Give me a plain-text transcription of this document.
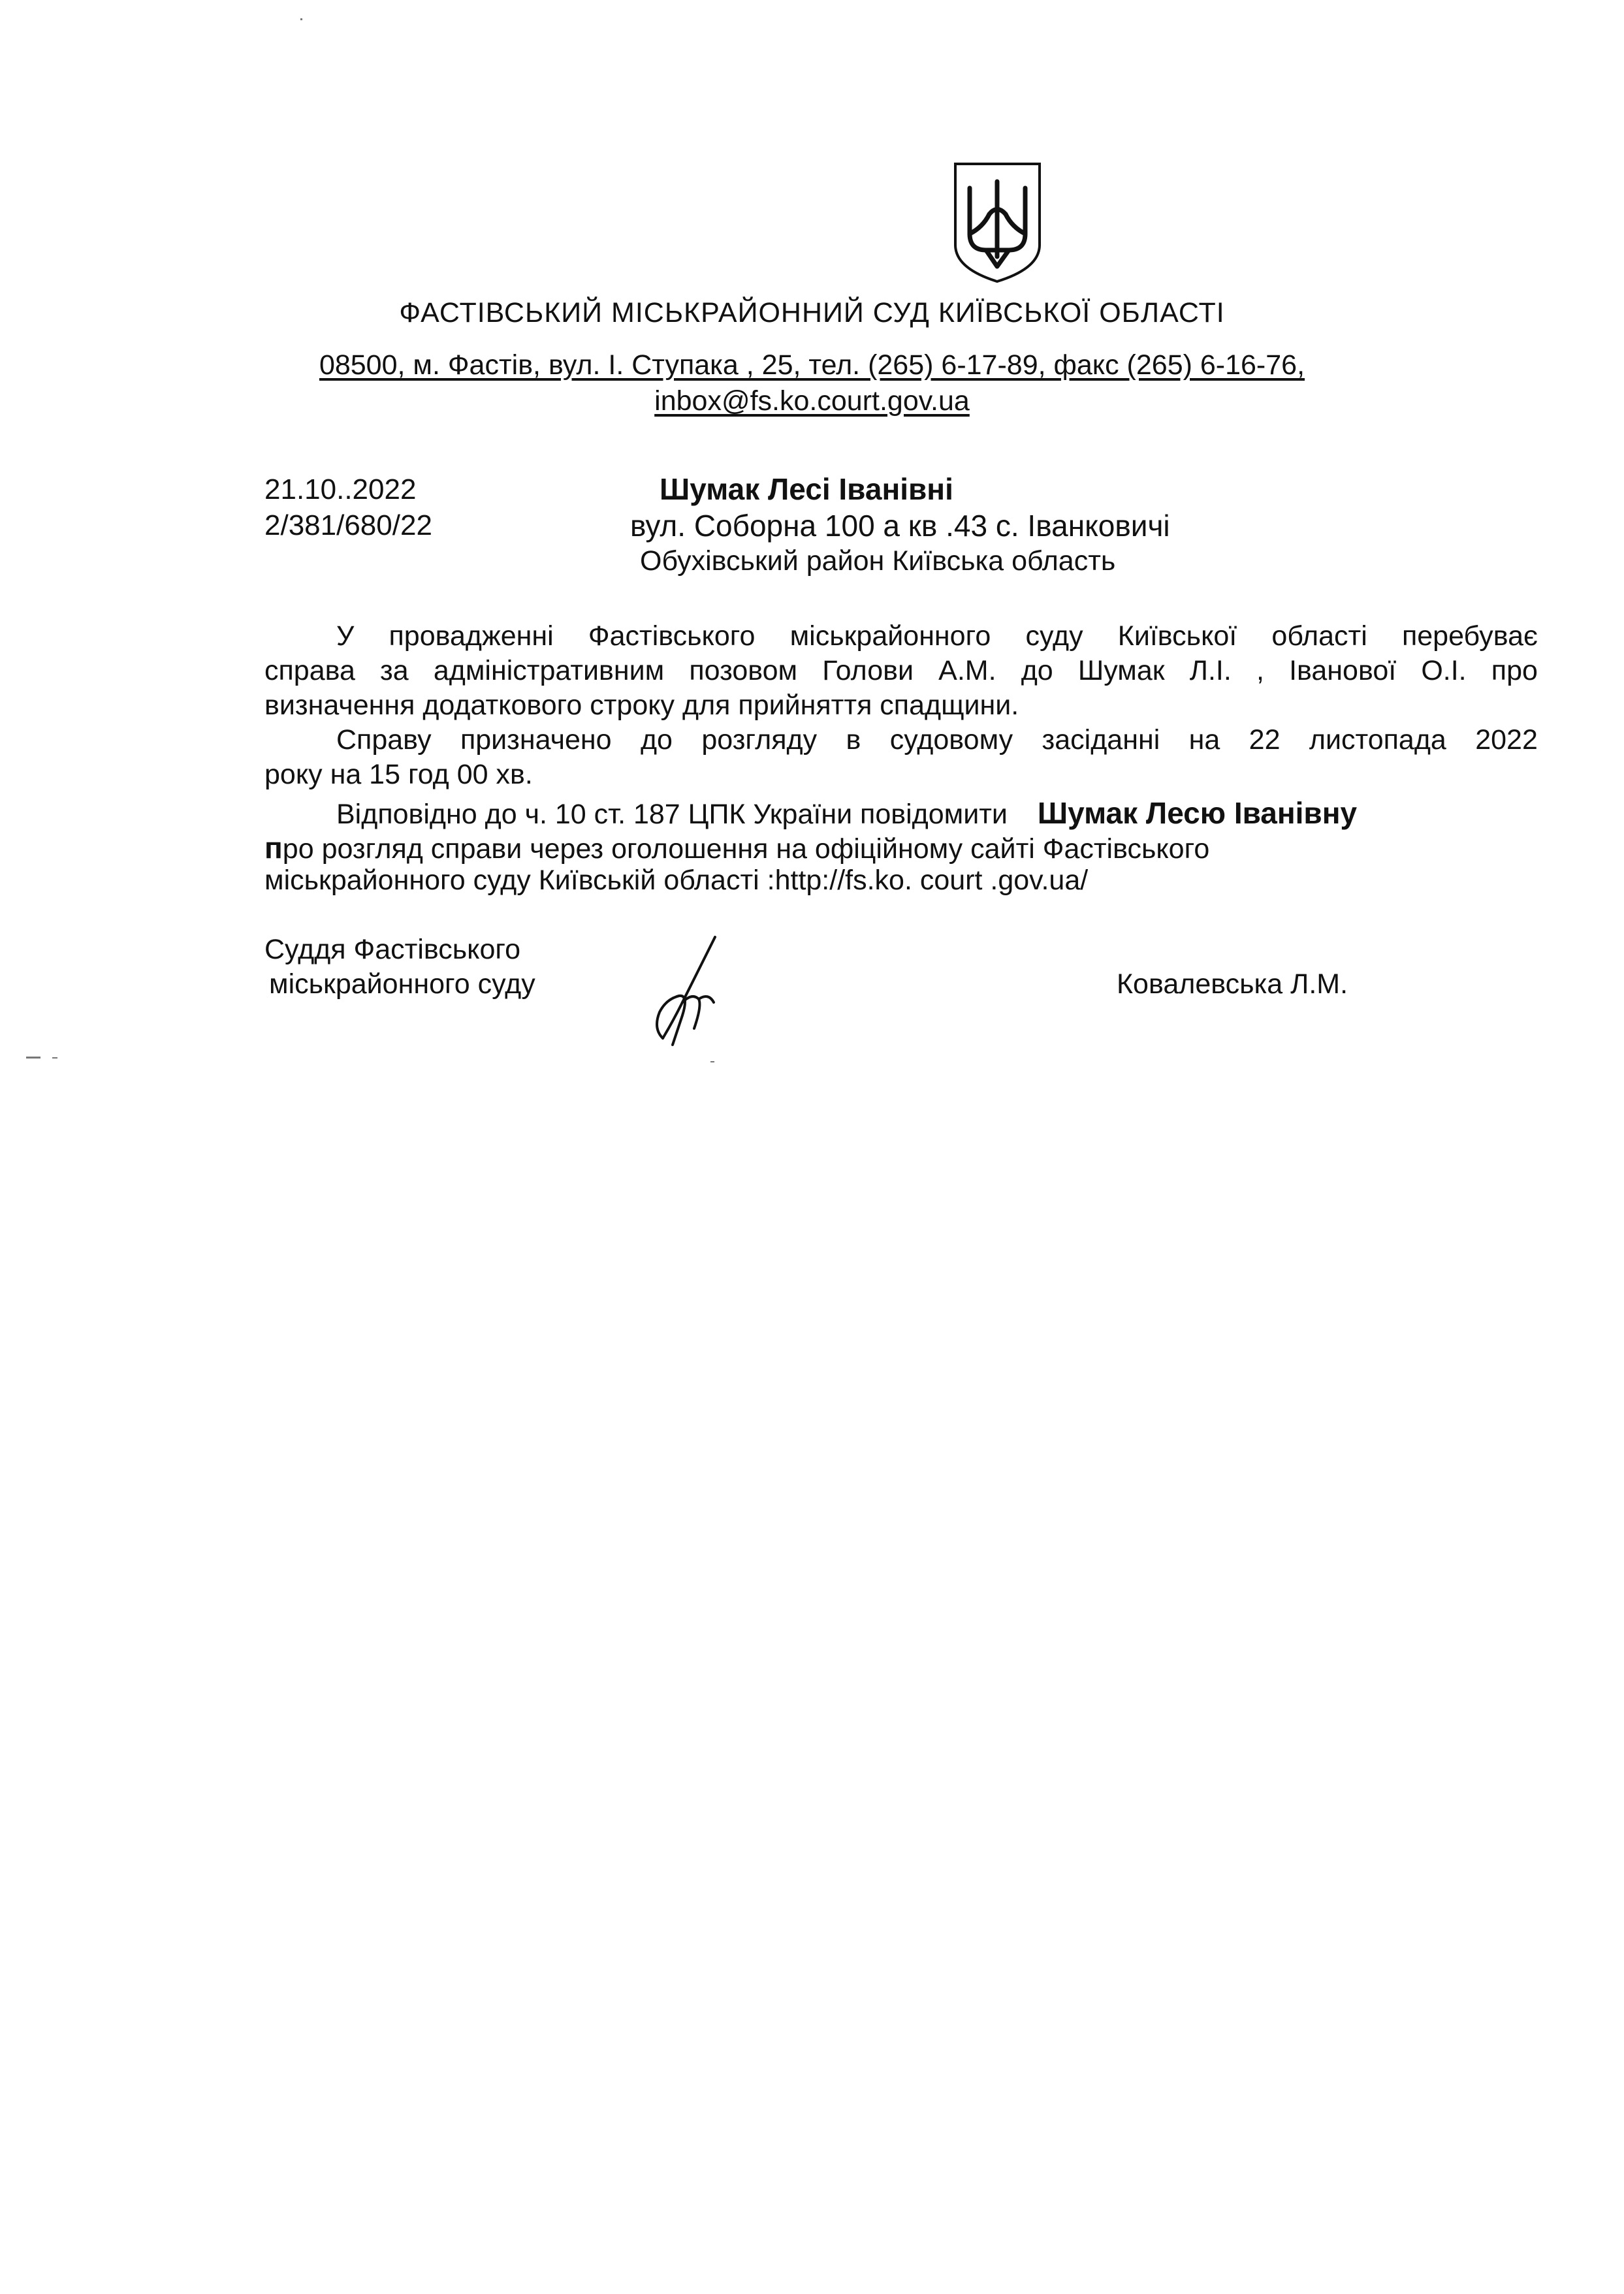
ФАСТІВСЬКИЙ МІСЬКРАЙОННИЙ СУД КИЇВСЬКОЇ ОБЛАСТІ
08500, м. Фастів, вул. І. Ступака , 25, тел. (265) 6-17-89, факс (265) 6-16-76,
inbox@fs.ko.court.gov.ua
21.10..2022
2/381/680/22
Шумак Лесі Іванівні
вул. Соборна 100 а кв .43 с. Іванковичі
Обухівський район Київська область
У провадженні Фастівського міськрайонного суду Київської області перебуває
справа за адміністративним позовом Голови А.М. до Шумак Л.І. , Іванової О.І. про
визначення додаткового строку для прийняття спадщини.
Справу призначено до розгляду в судовому засіданні на 22 листопада 2022
року на 15 год 00 хв.
Відповідно до ч. 10 ст. 187 ЦПК України повідомити Шумак Лесю Іванівну
про розгляд справи через оголошення на офіційному сайті Фастівського
міськрайонного суду Київській області :http://fs.ko. court .gov.ua/
Суддя Фастівського
міськрайонного суду	Ковалевська Л.М.
